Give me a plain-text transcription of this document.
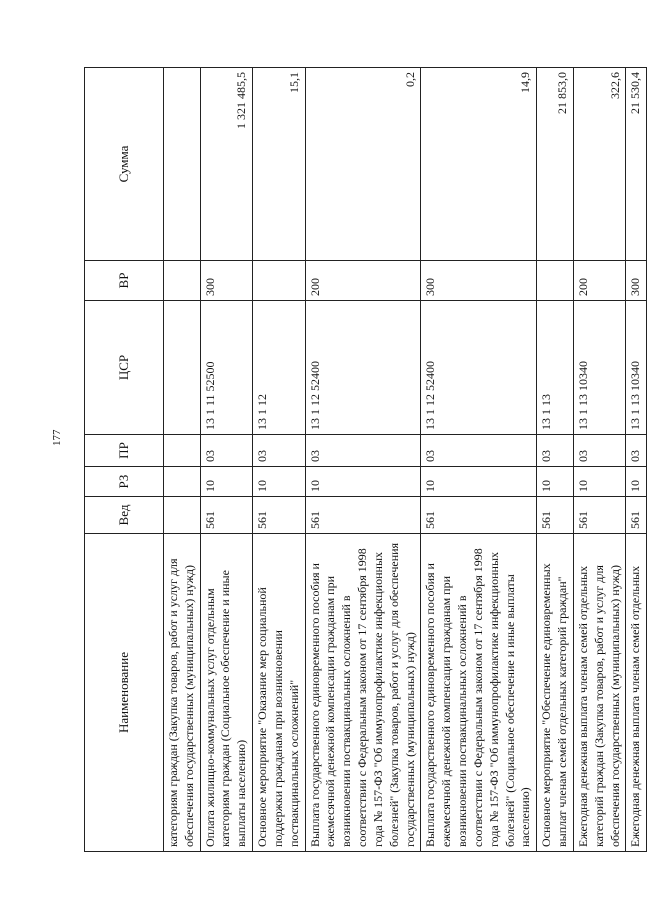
177
Наименование	Вед	РЗ	ПР	ЦСР	ВР	Сумма
категориям граждан (Закупка товаров, работ и услуг для обеспечения государственных (муниципальных) нужд)						
Оплата жилищно-коммунальных услуг отдельным категориям граждан (Социальное обеспечение и иные выплаты населению)	561	10	03	13 1 11 52500	300	1 321 485,5
Основное мероприятие "Оказание мер социальной поддержки гражданам при возникновении поствакцинальных осложнений"	561	10	03	13 1 12		15,1
Выплата государственного единовременного пособия и ежемесячной денежной компенсации гражданам при возникновении поствакцинальных осложнений в соответствии с Федеральным законом от 17 сентября 1998 года № 157-ФЗ "Об иммунопрофилактике инфекционных болезней" (Закупка товаров, работ и услуг для обеспечения государственных (муниципальных) нужд)	561	10	03	13 1 12 52400	200	0,2
Выплата государственного единовременного пособия и ежемесячной денежной компенсации гражданам при возникновении поствакцинальных осложнений в соответствии с Федеральным законом от 17 сентября 1998 года № 157-ФЗ "Об иммунопрофилактике инфекционных болезней" (Социальное обеспечение и иные выплаты населению)	561	10	03	13 1 12 52400	300	14,9
Основное мероприятие "Обеспечение единовременных выплат членам семей отдельных категорий граждан"	561	10	03	13 1 13		21 853,0
Ежегодная денежная выплата членам семей отдельных категорий граждан (Закупка товаров, работ и услуг для обеспечения государственных (муниципальных) нужд)	561	10	03	13 1 13 10340	200	322,6
Ежегодная денежная выплата членам семей отдельных	561	10	03	13 1 13 10340	300	21 530,4
